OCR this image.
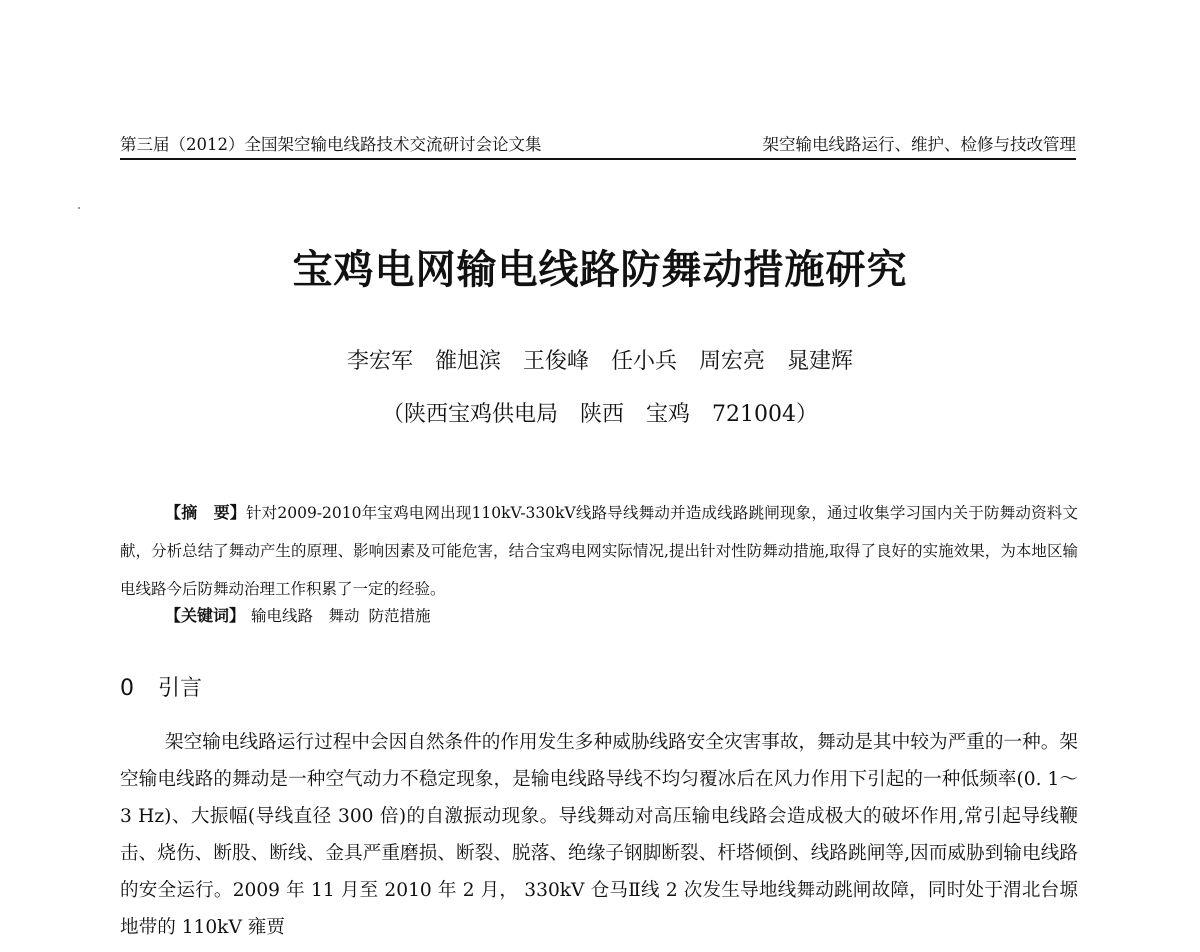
第三届（2012）全国架空输电线路技术交流研讨会论文集	架空输电线路运行、维护、检修与技改管理
宝鸡电网输电线路防舞动措施研究
李宏军　雒旭滨　王俊峰　任小兵　周宏亮　晁建辉
（陕西宝鸡供电局　陕西　宝鸡　721004）

【摘　要】针对2009-2010年宝鸡电网出现110kV-330kV线路导线舞动并造成线路跳闸现象，通过收集学习国内关于防舞动资料文献，分析总结了舞动产生的原理、影响因素及可能危害，结合宝鸡电网实际情况,提出针对性防舞动措施,取得了良好的实施效果，为本地区输电线路今后防舞动治理工作积累了一定的经验。

【关键词】 输电线路　舞动 防范措施
0 引言

架空输电线路运行过程中会因自然条件的作用发生多种威胁线路安全灾害事故，舞动是其中较为严重的一种。架空输电线路的舞动是一种空气动力不稳定现象，是输电线路导线不均匀覆冰后在风力作用下引起的一种低频率(0. 1～3 Hz)、大振幅(导线直径 300 倍)的自激振动现象。导线舞动对高压输电线路会造成极大的破坏作用,常引起导线鞭击、烧伤、断股、断线、金具严重磨损、断裂、脱落、绝缘子钢脚断裂、杆塔倾倒、线路跳闸等,因而威胁到输电线路的安全运行。2009 年 11 月至 2010 年 2 月， 330kV 仓马Ⅱ线 2 次发生导地线舞动跳闸故障，同时处于渭北台塬地带的 110kV 雍贾
